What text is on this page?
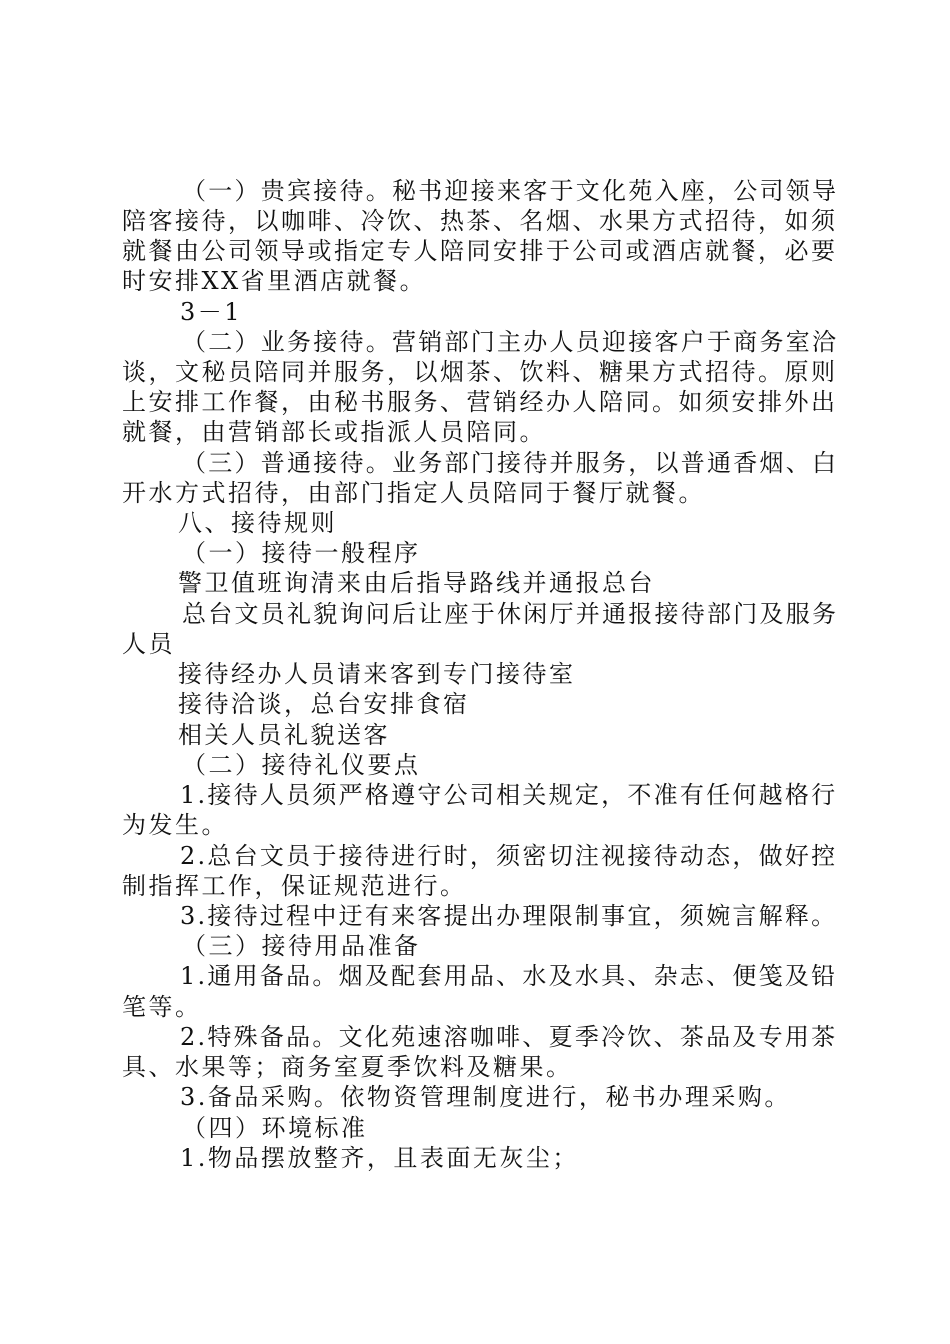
（一）贵宾接待。秘书迎接来客于文化苑入座，公司领导
陪客接待，以咖啡、冷饮、热茶、名烟、水果方式招待，如须
就餐由公司领导或指定专人陪同安排于公司或酒店就餐，必要
时安排XX省里酒店就餐。
3－1
（二）业务接待。营销部门主办人员迎接客户于商务室洽
谈，文秘员陪同并服务，以烟茶、饮料、糖果方式招待。原则
上安排工作餐，由秘书服务、营销经办人陪同。如须安排外出
就餐，由营销部长或指派人员陪同。
（三）普通接待。业务部门接待并服务，以普通香烟、白
开水方式招待，由部门指定人员陪同于餐厅就餐。
八、接待规则
（一）接待一般程序
警卫值班询清来由后指导路线并通报总台
总台文员礼貌询问后让座于休闲厅并通报接待部门及服务
人员
接待经办人员请来客到专门接待室
接待洽谈，总台安排食宿
相关人员礼貌送客
（二）接待礼仪要点
1.接待人员须严格遵守公司相关规定，不准有任何越格行
为发生。
2.总台文员于接待进行时，须密切注视接待动态，做好控
制指挥工作，保证规范进行。
3.接待过程中迂有来客提出办理限制事宜，须婉言解释。
（三）接待用品准备
1.通用备品。烟及配套用品、水及水具、杂志、便笺及铅
笔等。
2.特殊备品。文化苑速溶咖啡、夏季冷饮、茶品及专用茶
具、水果等；商务室夏季饮料及糖果。
3.备品采购。依物资管理制度进行，秘书办理采购。
（四）环境标准
1.物品摆放整齐，且表面无灰尘；
